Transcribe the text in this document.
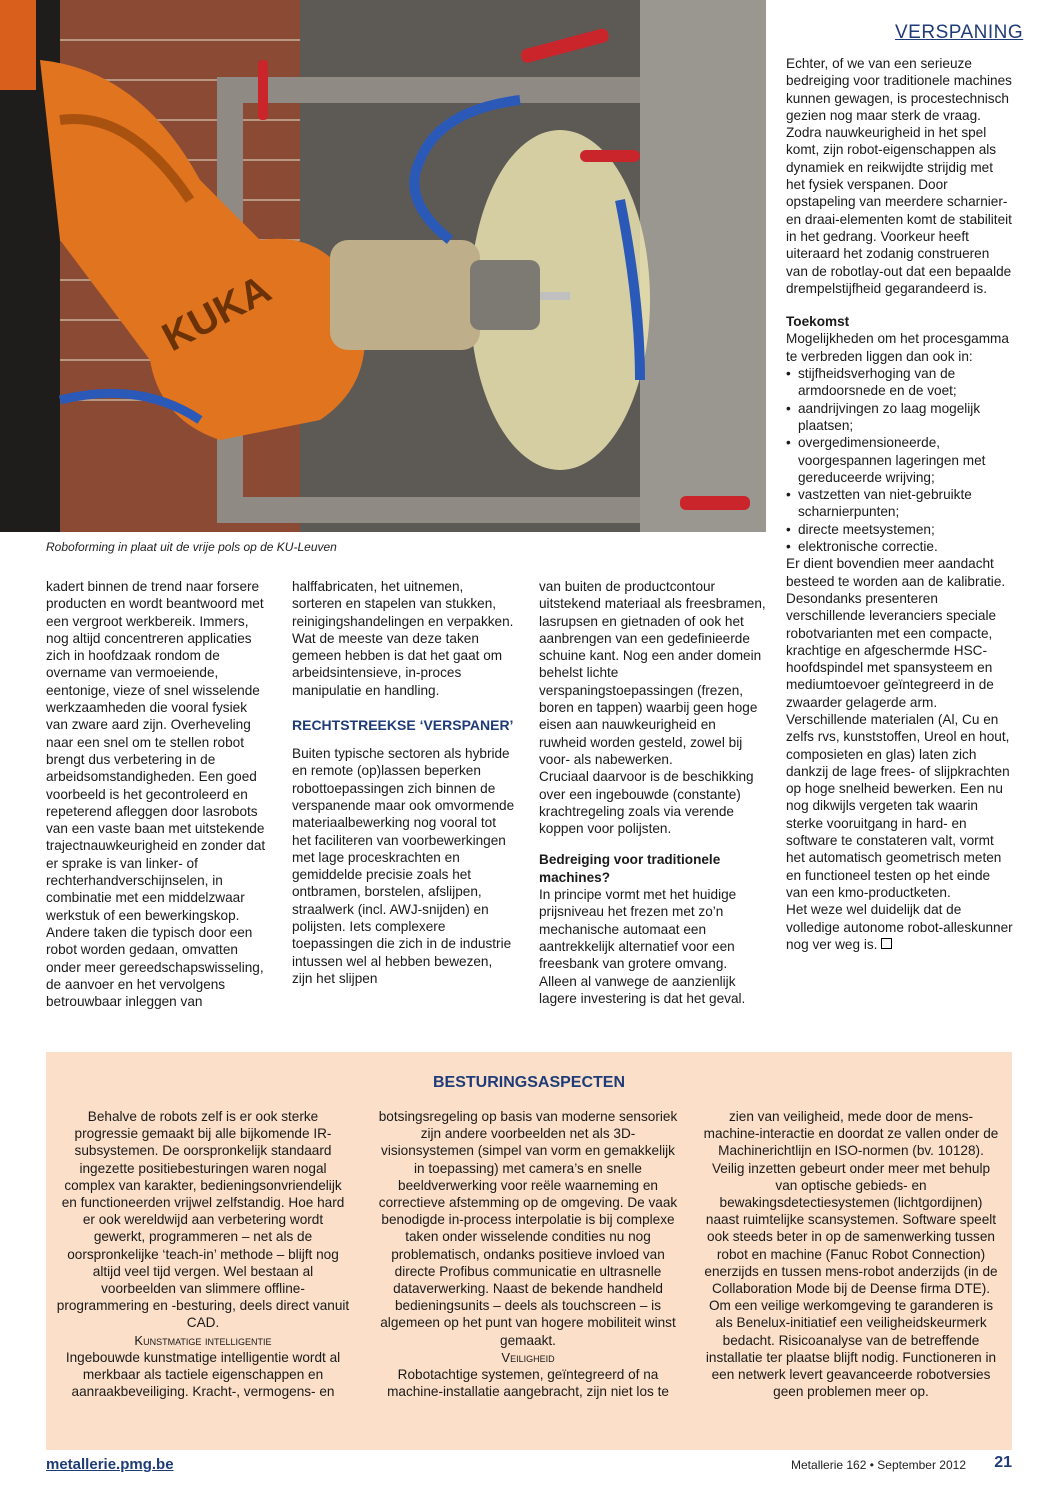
KUKA
Roboforming in plaat uit de vrije pols op de KU-Leuven
VERSPANING

Echter, of we van een serieuze bedreiging voor traditionele machines kunnen gewagen, is procestechnisch gezien nog maar sterk de vraag. Zodra nauwkeurigheid in het spel komt, zijn robot-eigenschappen als dynamiek en reikwijdte strijdig met het fysiek verspanen. Door opstapeling van meerdere scharnier- en draai-elementen komt de stabiliteit in het gedrang. Voorkeur heeft uiteraard het zodanig construeren van de robotlay-out dat een bepaalde drempelstijfheid gegarandeerd is.

Toekomst

Mogelijkheden om het procesgamma te verbreden liggen dan ook in:

• stijfheidsverhoging van de armdoorsnede en de voet;
• aandrijvingen zo laag mogelijk plaatsen;
• overgedimensioneerde, voorgespannen lageringen met gereduceerde wrijving;
• vastzetten van niet-gebruikte scharnierpunten;
• directe meetsystemen;
• elektronische correctie.

Er dient bovendien meer aandacht besteed te worden aan de kalibratie.

Desondanks presenteren verschillende leveranciers speciale robotvarianten met een compacte, krachtige en afgeschermde HSC-hoofdspindel met spansysteem en mediumtoevoer geïntegreerd in de zwaarder gelagerde arm.

Verschillende materialen (Al, Cu en zelfs rvs, kunststoffen, Ureol en hout, composieten en glas) laten zich dankzij de lage frees- of slijpkrachten op hoge snelheid bewerken. Een nu nog dikwijls vergeten tak waarin sterke vooruitgang in hard- en software te constateren valt, vormt het automatisch geometrisch meten en functioneel testen op het einde van een kmo-productketen.

Het weze wel duidelijk dat de volledige autonome robot-alleskunner nog ver weg is.

kadert binnen de trend naar forsere producten en wordt beantwoord met een vergroot werkbereik. Immers, nog altijd concentreren applicaties zich in hoofdzaak rondom de overname van vermoeiende, eentonige, vieze of snel wisselende werkzaamheden die vooral fysiek van zware aard zijn. Overheveling naar een snel om te stellen robot brengt dus verbetering in de arbeidsomstandigheden. Een goed voorbeeld is het gecontroleerd en repeterend afleggen door lasrobots van een vaste baan met uitstekende trajectnauwkeurigheid en zonder dat er sprake is van linker- of rechterhandverschijnselen, in combinatie met een middelzwaar werkstuk of een bewerkingskop. Andere taken die typisch door een robot worden gedaan, omvatten onder meer gereedschapswisseling, de aanvoer en het vervolgens betrouwbaar inleggen van

halffabricaten, het uitnemen, sorteren en stapelen van stukken, reinigingshandelingen en verpakken. Wat de meeste van deze taken gemeen hebben is dat het gaat om arbeidsintensieve, in-proces manipulatie en handling.

RECHTSTREEKSE ‘VERSPANER’

Buiten typische sectoren als hybride en remote (op)lassen beperken robottoepassingen zich binnen de verspanende maar ook omvormende materiaalbewerking nog vooral tot het faciliteren van voorbewerkingen met lage proceskrachten en gemiddelde precisie zoals het ontbramen, borstelen, afslijpen, straalwerk (incl. AWJ-snijden) en polijsten. Iets complexere toepassingen die zich in de industrie intussen wel al hebben bewezen, zijn het slijpen

van buiten de productcontour uitstekend materiaal als freesbramen, lasrupsen en gietnaden of ook het aanbrengen van een gedefinieerde schuine kant. Nog een ander domein behelst lichte verspaningstoepassingen (frezen, boren en tappen) waarbij geen hoge eisen aan nauwkeurigheid en ruwheid worden gesteld, zowel bij voor- als nabewerken.

Cruciaal daarvoor is de beschikking over een ingebouwde (constante) krachtregeling zoals via verende koppen voor polijsten.

Bedreiging voor traditionele machines?

In principe vormt met het huidige prijsniveau het frezen met zo’n mechanische automaat een aantrekkelijk alternatief voor een freesbank van grotere omvang. Alleen al vanwege de aanzienlijk lagere investering is dat het geval.

BESTURINGSASPECTEN

Behalve de robots zelf is er ook sterke progressie gemaakt bij alle bijkomende IR-subsystemen. De oorspronkelijk standaard ingezette positiebesturingen waren nogal complex van karakter, bedieningsonvriendelijk en functioneerden vrijwel zelfstandig. Hoe hard er ook wereldwijd aan verbetering wordt gewerkt, programmeren – net als de oorspronkelijke ‘teach-in’ methode – blijft nog altijd veel tijd vergen. Wel bestaan al voorbeelden van slimmere offline-programmering en -besturing, deels direct vanuit CAD.

Kunstmatige intelligentie

Ingebouwde kunstmatige intelligentie wordt al merkbaar als tactiele eigenschappen en aanraakbeveiliging. Kracht-, vermogens- en

botsingsregeling op basis van moderne sensoriek zijn andere voorbeelden net als 3D-visionsystemen (simpel van vorm en gemakkelijk in toepassing) met camera’s en snelle beeldverwerking voor reële waarneming en correctieve afstemming op de omgeving. De vaak benodigde in-process interpolatie is bij complexe taken onder wisselende condities nu nog problematisch, ondanks positieve invloed van directe Profibus communicatie en ultrasnelle dataverwerking. Naast de bekende handheld bedieningsunits – deels als touchscreen – is algemeen op het punt van hogere mobiliteit winst gemaakt.

Veiligheid

Robotachtige systemen, geïntegreerd of na machine-installatie aangebracht, zijn niet los te

zien van veiligheid, mede door de mens-machine-interactie en doordat ze vallen onder de Machinerichtlijn en ISO-normen (bv. 10128). Veilig inzetten gebeurt onder meer met behulp van optische gebieds- en bewakingsdetectiesystemen (lichtgordijnen) naast ruimtelijke scansystemen. Software speelt ook steeds beter in op de samenwerking tussen robot en machine (Fanuc Robot Connection) enerzijds en tussen mens-robot anderzijds (in de Collaboration Mode bij de Deense firma DTE). Om een veilige werkomgeving te garanderen is als Benelux-initiatief een veiligheidskeurmerk bedacht. Risicoanalyse van de betreffende installatie ter plaatse blijft nodig. Functioneren in een netwerk levert geavanceerde robotversies geen problemen meer op.

metallerie.pmg.be	Metallerie 162 • September 2012 21
